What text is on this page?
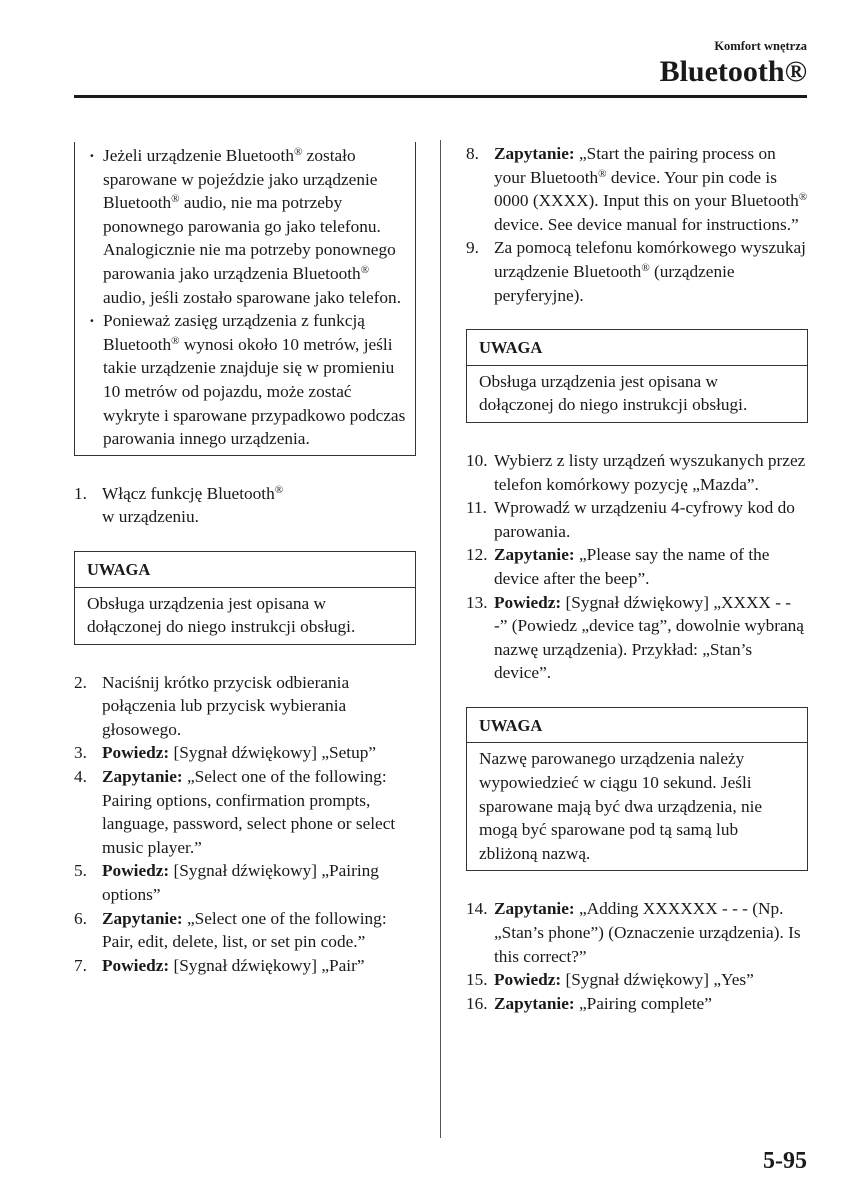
Komfort wnętrza
Bluetooth®
· Jeżeli urządzenie Bluetooth® zostało sparowane w pojeździe jako urządzenie Bluetooth® audio, nie ma potrzeby ponownego parowania go jako telefonu. Analogicznie nie ma potrzeby ponownego parowania jako urządzenia Bluetooth® audio, jeśli zostało sparowane jako telefon.
· Ponieważ zasięg urządzenia z funkcją Bluetooth® wynosi około 10 metrów, jeśli takie urządzenie znajduje się w promieniu 10 metrów od pojazdu, może zostać wykryte i sparowane przypadkowo podczas parowania innego urządzenia.
1. Włącz funkcję Bluetooth®
w urządzeniu.
UWAGA
Obsługa urządzenia jest opisana w dołączonej do niego instrukcji obsługi.
2. Naciśnij krótko przycisk odbierania połączenia lub przycisk wybierania głosowego.
3. Powiedz: [Sygnał dźwiękowy] „Setup”
4. Zapytanie: „Select one of the following: Pairing options, confirmation prompts, language, password, select phone or select music player.”
5. Powiedz: [Sygnał dźwiękowy] „Pairing options”
6. Zapytanie: „Select one of the following: Pair, edit, delete, list, or set pin code.”
7. Powiedz: [Sygnał dźwiękowy] „Pair”
8. Zapytanie: „Start the pairing process on your Bluetooth® device. Your pin code is 0000 (XXXX). Input this on your Bluetooth® device. See device manual for instructions.”
9. Za pomocą telefonu komórkowego wyszukaj urządzenie Bluetooth® (urządzenie peryferyjne).
UWAGA
Obsługa urządzenia jest opisana w dołączonej do niego instrukcji obsługi.
10. Wybierz z listy urządzeń wyszukanych przez telefon komórkowy pozycję „Mazda”.
11. Wprowadź w urządzeniu 4-cyfrowy kod do parowania.
12. Zapytanie: „Please say the name of the device after the beep”.
13. Powiedz: [Sygnał dźwiękowy] „XXXX - - -” (Powiedz „device tag”, dowolnie wybraną nazwę urządzenia). Przykład: „Stan’s device”.
UWAGA
Nazwę parowanego urządzenia należy wypowiedzieć w ciągu 10 sekund. Jeśli sparowane mają być dwa urządzenia, nie mogą być sparowane pod tą samą lub zbliżoną nazwą.
14. Zapytanie: „Adding XXXXXX - - - (Np. „Stan’s phone”) (Oznaczenie urządzenia). Is this correct?”
15. Powiedz: [Sygnał dźwiękowy] „Yes”
16. Zapytanie: „Pairing complete”
5-95
